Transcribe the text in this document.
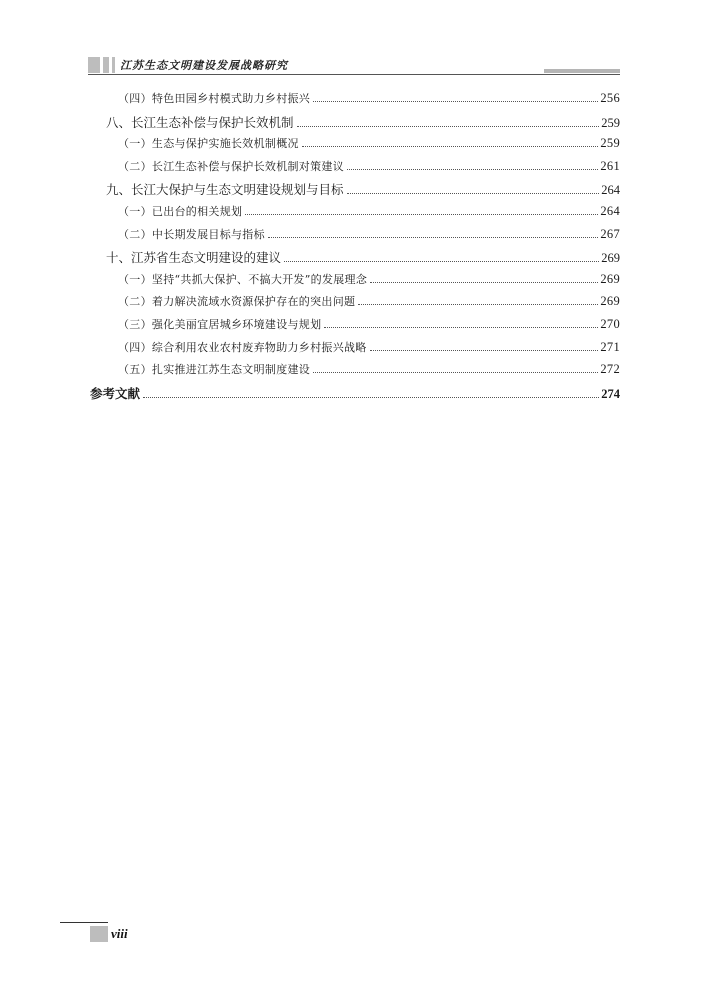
江苏生态文明建设发展战略研究
（四）特色田园乡村模式助力乡村振兴	256
八、长江生态补偿与保护长效机制	259
（一）生态与保护实施长效机制概况	259
（二）长江生态补偿与保护长效机制对策建议	261
九、长江大保护与生态文明建设规划与目标	264
（一）已出台的相关规划	264
（二）中长期发展目标与指标	267
十、江苏省生态文明建设的建议	269
（一）坚持“共抓大保护、不搞大开发”的发展理念	269
（二）着力解决流域水资源保护存在的突出问题	269
（三）强化美丽宜居城乡环境建设与规划	270
（四）综合利用农业农村废弃物助力乡村振兴战略	271
（五）扎实推进江苏生态文明制度建设	272
参考文献	274
viii
